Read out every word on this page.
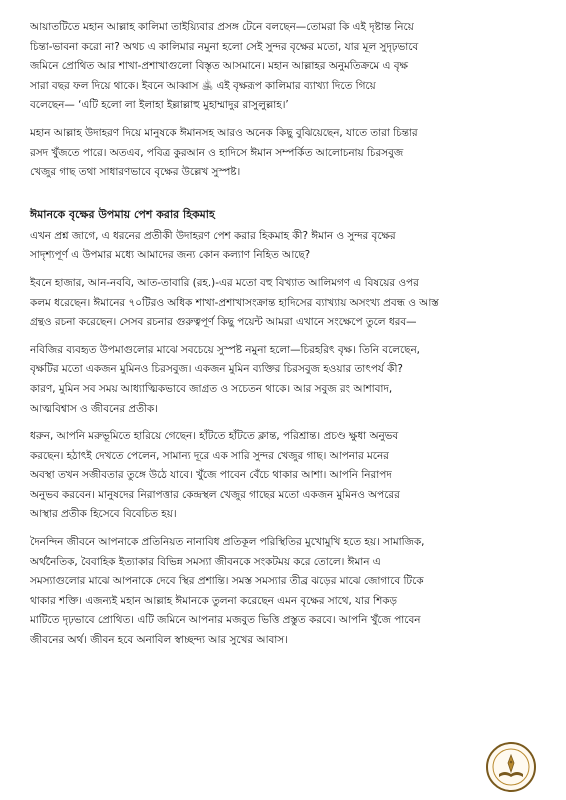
আয়াতটিতে মহান আল্লাহ কালিমা তাইয়্যিবার প্রসঙ্গ টেনে বলছেন—তোমরা কি এই দৃষ্টান্ত নিয়ে
চিন্তা-ভাবনা করো না? অথচ এ কালিমার নমুনা হলো সেই সুন্দর বৃক্ষের মতো, যার মূল সুদৃঢ়ভাবে
জমিনে প্রোথিত আর শাখা-প্রশাখাগুলো বিস্তৃত আসমানে। মহান আল্লাহর অনুমতিক্রমে এ বৃক্ষ
সারা বছর ফল দিয়ে থাকে। ইবনে আব্বাস ﵁ এই বৃক্ষরূপ কালিমার ব্যাখ্যা দিতে গিয়ে
বলেছেন— ‘এটি হলো লা ইলাহা ইল্লাল্লাহু মুহাম্মাদুর রাসুলুল্লাহ।’
মহান আল্লাহ উদাহরণ দিয়ে মানুষকে ঈমানসহ আরও অনেক কিছু বুঝিয়েছেন, যাতে তারা চিন্তার
রসদ খুঁজতে পারে। অতএব, পবিত্র কুরআন ও হাদিসে ঈমান সম্পর্কিত আলোচনায় চিরসবুজ
খেজুর গাছ তথা সাধারণভাবে বৃক্ষের উল্লেখ সুস্পষ্ট।
ঈমানকে বৃক্ষের উপমায় পেশ করার হিকমাহ
এখন প্রশ্ন জাগে, এ ধরনের প্রতীকী উদাহরণ পেশ করার হিকমাহ কী? ঈমান ও সুন্দর বৃক্ষের
সাদৃশ্যপূর্ণ এ উপমার মধ্যে আমাদের জন্য কোন কল্যাণ নিহিত আছে?
ইবনে হাজার, আন-নববি, আত-তাবারি (রহ.)-এর মতো বহু বিখ্যাত আলিমগণ এ বিষয়ের ওপর
কলম ধরেছেন। ঈমানের ৭০টিরও অধিক শাখা-প্রশাখাসংক্রান্ত হাদিসের ব্যাখ্যায় অসংখ্য প্রবন্ধ ও আস্ত
গ্রন্থও রচনা করেছেন। সেসব রচনার গুরুত্বপূর্ণ কিছু পয়েন্ট আমরা এখানে সংক্ষেপে তুলে ধরব—
নবিজির ব্যবহৃত উপমাগুলোর মাঝে সবচেয়ে সুস্পষ্ট নমুনা হলো—চিরহরিৎ বৃক্ষ। তিনি বলেছেন,
বৃক্ষটির মতো একজন মুমিনও চিরসবুজ। একজন মুমিন ব্যক্তির চিরসবুজ হওয়ার তাৎপর্য কী?
কারণ, মুমিন সব সময় আধ্যাত্মিকভাবে জাগ্রত ও সচেতন থাকে। আর সবুজ রং আশাবাদ,
আত্মবিশ্বাস ও জীবনের প্রতীক।
ধরুন, আপনি মরুভূমিতে হারিয়ে গেছেন। হাঁটতে হাঁটতে ক্লান্ত, পরিশ্রান্ত। প্রচণ্ড ক্ষুধা অনুভব
করছেন। হঠাৎই দেখতে পেলেন, সামান্য দূরে এক সারি সুন্দর খেজুর গাছ। আপনার মনের
অবস্থা তখন সজীবতার তুঙ্গে উঠে যাবে। খুঁজে পাবেন বেঁচে থাকার আশা। আপনি নিরাপদ
অনুভব করবেন। মানুষদের নিরাপত্তার কেন্দ্রস্থল খেজুর গাছের মতো একজন মুমিনও অপরের
আস্থার প্রতীক হিসেবে বিবেচিত হয়।
দৈনন্দিন জীবনে আপনাকে প্রতিনিয়ত নানাবিধ প্রতিকূল পরিস্থিতির মুখোমুখি হতে হয়। সামাজিক,
অর্থনৈতিক, বৈবাহিক ইত্যাকার বিভিন্ন সমস্যা জীবনকে সংকটময় করে তোলে। ঈমান এ
সমস্যাগুলোর মাঝে আপনাকে দেবে স্থির প্রশান্তি। সমস্ত সমস্যার তীব্র ঝড়ের মাঝে জোগাবে টিকে
থাকার শক্তি। এজন্যই মহান আল্লাহ ঈমানকে তুলনা করেছেন এমন বৃক্ষের সাথে, যার শিকড়
মাটিতে দৃঢ়ভাবে প্রোথিত। এটি জমিনে আপনার মজবুত ভিত্তি প্রস্তুত করবে। আপনি খুঁজে পাবেন
জীবনের অর্থ। জীবন হবে অনাবিল স্বাচ্ছন্দ্য আর সুখের আবাস।
